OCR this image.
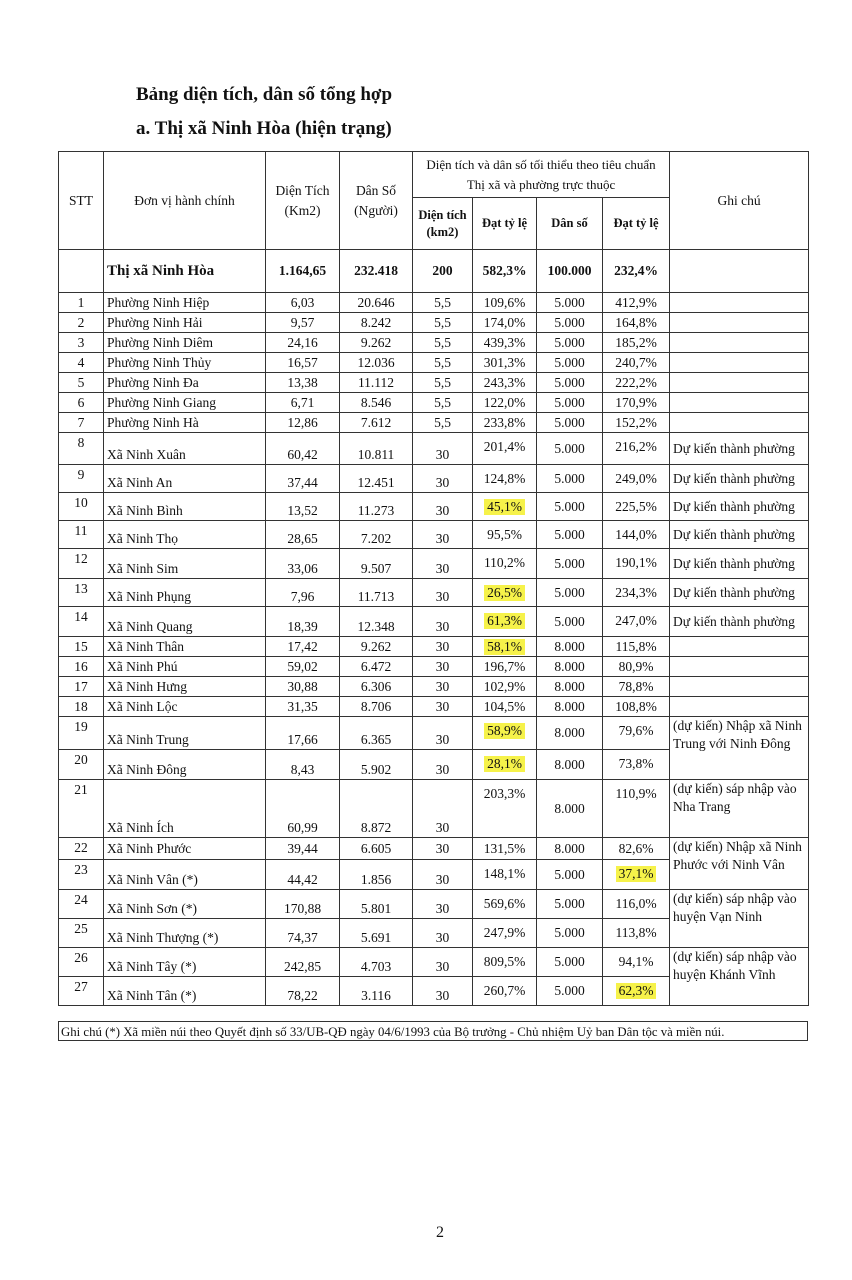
Bảng diện tích, dân số tổng hợp
a. Thị xã Ninh Hòa (hiện trạng)
STT	Đơn vị hành chính	Diện Tích (Km2)	Dân Số (Người)	Diện tích và dân số tối thiểu theo tiêu chuẩn Thị xã và phường trực thuộc				Ghi chú
				Diện tích (km2)	Đạt tỷ lệ	Dân số	Đạt tỷ lệ	
	Thị xã Ninh Hòa	1.164,65	232.418	200	582,3%	100.000	232,4%	
1	Phường Ninh Hiệp	6,03	20.646	5,5	109,6%	5.000	412,9%	
2	Phường Ninh Hải	9,57	8.242	5,5	174,0%	5.000	164,8%	
3	Phường Ninh Diêm	24,16	9.262	5,5	439,3%	5.000	185,2%	
4	Phường Ninh Thủy	16,57	12.036	5,5	301,3%	5.000	240,7%	
5	Phường Ninh Đa	13,38	11.112	5,5	243,3%	5.000	222,2%	
6	Phường Ninh Giang	6,71	8.546	5,5	122,0%	5.000	170,9%	
7	Phường Ninh Hà	12,86	7.612	5,5	233,8%	5.000	152,2%	
8	Xã Ninh Xuân	60,42	10.811	30	201,4%	5.000	216,2%	Dự kiến thành phường
9	Xã Ninh An	37,44	12.451	30	124,8%	5.000	249,0%	Dự kiến thành phường
10	Xã Ninh Bình	13,52	11.273	30	45,1%	5.000	225,5%	Dự kiến thành phường
11	Xã Ninh Thọ	28,65	7.202	30	95,5%	5.000	144,0%	Dự kiến thành phường
12	Xã Ninh Sim	33,06	9.507	30	110,2%	5.000	190,1%	Dự kiến thành phường
13	Xã Ninh Phụng	7,96	11.713	30	26,5%	5.000	234,3%	Dự kiến thành phường
14	Xã Ninh Quang	18,39	12.348	30	61,3%	5.000	247,0%	Dự kiến thành phường
15	Xã Ninh Thân	17,42	9.262	30	58,1%	8.000	115,8%	
16	Xã Ninh Phú	59,02	6.472	30	196,7%	8.000	80,9%	
17	Xã Ninh Hưng	30,88	6.306	30	102,9%	8.000	78,8%	
18	Xã Ninh Lộc	31,35	8.706	30	104,5%	8.000	108,8%	
19	Xã Ninh Trung	17,66	6.365	30	58,9%	8.000	79,6%	(dự kiến) Nhập xã Ninh Trung với Ninh Đông
20	Xã Ninh Đông	8,43	5.902	30	28,1%	8.000	73,8%	
21	Xã Ninh Ích	60,99	8.872	30	203,3%	8.000	110,9%	(dự kiến) sáp nhập vào Nha Trang
22	Xã Ninh Phước	39,44	6.605	30	131,5%	8.000	82,6%	(dự kiến) Nhập xã Ninh Phước với Ninh Vân
23	Xã Ninh Vân (*)	44,42	1.856	30	148,1%	5.000	37,1%	
24	Xã Ninh Sơn (*)	170,88	5.801	30	569,6%	5.000	116,0%	(dự kiến) sáp nhập vào huyện Vạn Ninh
25	Xã Ninh Thượng (*)	74,37	5.691	30	247,9%	5.000	113,8%	
26	Xã Ninh Tây (*)	242,85	4.703	30	809,5%	5.000	94,1%	(dự kiến) sáp nhập vào huyện Khánh Vĩnh
27	Xã Ninh Tân (*)	78,22	3.116	30	260,7%	5.000	62,3%	
Ghi chú (*) Xã miền núi theo Quyết định số 33/UB-QĐ ngày 04/6/1993 của Bộ trưởng - Chủ nhiệm Uỷ ban Dân tộc và miền núi.
2
